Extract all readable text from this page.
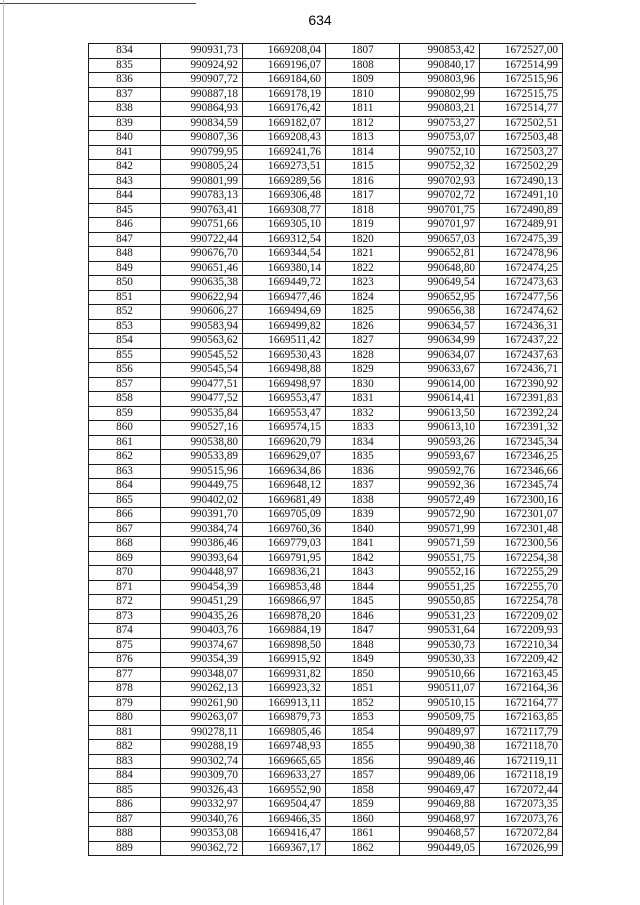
634
834	990931,73	1669208,04	1807	990853,42	1672527,00
835	990924,92	1669196,07	1808	990840,17	1672514,99
836	990907,72	1669184,60	1809	990803,96	1672515,96
837	990887,18	1669178,19	1810	990802,99	1672515,75
838	990864,93	1669176,42	1811	990803,21	1672514,77
839	990834,59	1669182,07	1812	990753,27	1672502,51
840	990807,36	1669208,43	1813	990753,07	1672503,48
841	990799,95	1669241,76	1814	990752,10	1672503,27
842	990805,24	1669273,51	1815	990752,32	1672502,29
843	990801,99	1669289,56	1816	990702,93	1672490,13
844	990783,13	1669306,48	1817	990702,72	1672491,10
845	990763,41	1669308,77	1818	990701,75	1672490,89
846	990751,66	1669305,10	1819	990701,97	1672489,91
847	990722,44	1669312,54	1820	990657,03	1672475,39
848	990676,70	1669344,54	1821	990652,81	1672478,96
849	990651,46	1669380,14	1822	990648,80	1672474,25
850	990635,38	1669449,72	1823	990649,54	1672473,63
851	990622,94	1669477,46	1824	990652,95	1672477,56
852	990606,27	1669494,69	1825	990656,38	1672474,62
853	990583,94	1669499,82	1826	990634,57	1672436,31
854	990563,62	1669511,42	1827	990634,99	1672437,22
855	990545,52	1669530,43	1828	990634,07	1672437,63
856	990545,54	1669498,88	1829	990633,67	1672436,71
857	990477,51	1669498,97	1830	990614,00	1672390,92
858	990477,52	1669553,47	1831	990614,41	1672391,83
859	990535,84	1669553,47	1832	990613,50	1672392,24
860	990527,16	1669574,15	1833	990613,10	1672391,32
861	990538,80	1669620,79	1834	990593,26	1672345,34
862	990533,89	1669629,07	1835	990593,67	1672346,25
863	990515,96	1669634,86	1836	990592,76	1672346,66
864	990449,75	1669648,12	1837	990592,36	1672345,74
865	990402,02	1669681,49	1838	990572,49	1672300,16
866	990391,70	1669705,09	1839	990572,90	1672301,07
867	990384,74	1669760,36	1840	990571,99	1672301,48
868	990386,46	1669779,03	1841	990571,59	1672300,56
869	990393,64	1669791,95	1842	990551,75	1672254,38
870	990448,97	1669836,21	1843	990552,16	1672255,29
871	990454,39	1669853,48	1844	990551,25	1672255,70
872	990451,29	1669866,97	1845	990550,85	1672254,78
873	990435,26	1669878,20	1846	990531,23	1672209,02
874	990403,76	1669884,19	1847	990531,64	1672209,93
875	990374,67	1669898,50	1848	990530,73	1672210,34
876	990354,39	1669915,92	1849	990530,33	1672209,42
877	990348,07	1669931,82	1850	990510,66	1672163,45
878	990262,13	1669923,32	1851	990511,07	1672164,36
879	990261,90	1669913,11	1852	990510,15	1672164,77
880	990263,07	1669879,73	1853	990509,75	1672163,85
881	990278,11	1669805,46	1854	990489,97	1672117,79
882	990288,19	1669748,93	1855	990490,38	1672118,70
883	990302,74	1669665,65	1856	990489,46	1672119,11
884	990309,70	1669633,27	1857	990489,06	1672118,19
885	990326,43	1669552,90	1858	990469,47	1672072,44
886	990332,97	1669504,47	1859	990469,88	1672073,35
887	990340,76	1669466,35	1860	990468,97	1672073,76
888	990353,08	1669416,47	1861	990468,57	1672072,84
889	990362,72	1669367,17	1862	990449,05	1672026,99
